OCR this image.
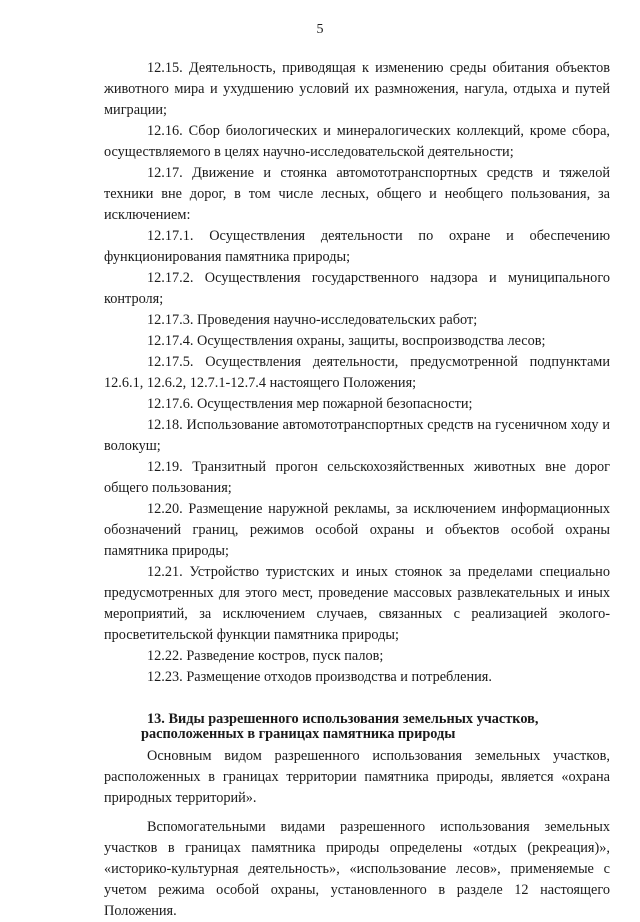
5

12.15. Деятельность, приводящая к изменению среды обитания объектов животного мира и ухудшению условий их размножения, нагула, отдыха и путей миграции;

12.16. Сбор биологических и минералогических коллекций, кроме сбора, осуществляемого в целях научно-исследовательской деятельности;

12.17. Движение и стоянка автомототранспортных средств и тяжелой техники вне дорог, в том числе лесных, общего и необщего пользования, за исключением:

12.17.1. Осуществления деятельности по охране и обеспечению функционирования памятника природы;

12.17.2. Осуществления государственного надзора и муниципального контроля;

12.17.3. Проведения научно-исследовательских работ;

12.17.4. Осуществления охраны, защиты, воспроизводства лесов;

12.17.5. Осуществления деятельности, предусмотренной подпунктами 12.6.1, 12.6.2, 12.7.1-12.7.4 настоящего Положения;

12.17.6. Осуществления мер пожарной безопасности;

12.18. Использование автомототранспортных средств на гусеничном ходу и волокуш;

12.19. Транзитный прогон сельскохозяйственных животных вне дорог общего пользования;

12.20. Размещение наружной рекламы, за исключением информационных обозначений границ, режимов особой охраны и объектов особой охраны памятника природы;

12.21. Устройство туристских и иных стоянок за пределами специально предусмотренных для этого мест, проведение массовых развлекательных и иных мероприятий, за исключением случаев, связанных с реализацией эколого-просветительской функции памятника природы;

12.22. Разведение костров, пуск палов;

12.23. Размещение отходов производства и потребления.

13. Виды разрешенного использования земельных участков,
расположенных в границах памятника природы

Основным видом разрешенного использования земельных участков, расположенных в границах территории памятника природы, является «охрана природных территорий».

Вспомогательными видами разрешенного использования земельных участков в границах памятника природы определены «отдых (рекреация)», «историко-культурная деятельность», «использование лесов», применяемые с учетом режима особой охраны, установленного в разделе 12 настоящего Положения.
